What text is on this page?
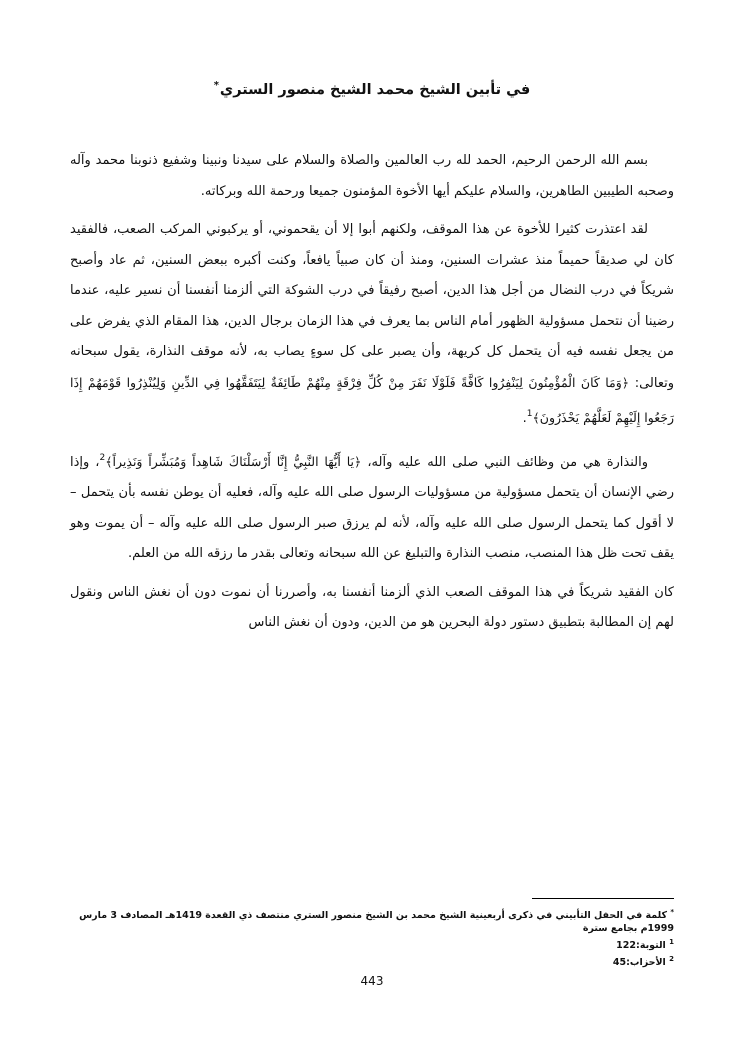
في تأبين الشيخ محمد الشيخ منصور الستري*

بسم الله الرحمن الرحيم، الحمد لله رب العالمين والصلاة والسلام على سيدنا ونبينا وشفيع ذنوبنا محمد وآله وصحبه الطيبين الطاهرين، والسلام عليكم أيها الأخوة المؤمنون جميعا ورحمة الله وبركاته.

لقد اعتذرت كثيرا للأخوة عن هذا الموقف، ولكنهم أبوا إلا أن يقحموني، أو يركبوني المركب الصعب، فالفقيد كان لي صديقاً حميماً منذ عشرات السنين، ومنذ أن كان صبياً يافعاً، وكنت أكبره ببعض السنين، ثم عاد وأصبح شريكاً في درب النضال من أجل هذا الدين، أصبح رفيقاً في درب الشوكة التي ألزمنا أنفسنا أن نسير عليه، عندما رضينا أن نتحمل مسؤولية الظهور أمام الناس بما يعرف في هذا الزمان برجال الدين، هذا المقام الذي يفرض على من يجعل نفسه فيه أن يتحمل كل كريهة، وأن يصبر على كل سوءٍ يصاب به، لأنه موقف النذارة، يقول سبحانه وتعالى: ﴿وَمَا كَانَ الْمُؤْمِنُونَ لِيَنْفِرُوا كَافَّةً فَلَوْلَا نَفَرَ مِنْ كُلِّ فِرْقَةٍ مِنْهُمْ طَائِفَةٌ لِيَتَفَقَّهُوا فِي الدِّينِ وَلِيُنْذِرُوا قَوْمَهُمْ إِذَا رَجَعُوا إِلَيْهِمْ لَعَلَّهُمْ يَحْذَرُونَ﴾$^1$.

والنذارة هي من وظائف النبي صلى الله عليه وآله، ﴿يَا أَيُّهَا النَّبِيُّ إِنَّا أَرْسَلْنَاكَ شَاهِداً وَمُبَشِّراً وَنَذِيراً﴾$^2$، وإذا رضي الإنسان أن يتحمل مسؤولية من مسؤوليات الرسول صلى الله عليه وآله، فعليه أن يوطن نفسه بأن يتحمل – لا أقول كما يتحمل الرسول صلى الله عليه وآله، لأنه لم يرزق صبر الرسول صلى الله عليه وآله – أن يموت وهو يقف تحت ظل هذا المنصب، منصب النذارة والتبليغ عن الله سبحانه وتعالى بقدر ما رزقه الله من العلم.

كان الفقيد شريكاً في هذا الموقف الصعب الذي ألزمنا أنفسنا به، وأصررنا أن نموت دون أن نغش الناس ونقول لهم إن المطالبة بتطبيق دستور دولة البحرين هو من الدين، ودون أن نغش الناس

* كلمة في الحفل التأبيني في ذكرى أربعينية الشيخ محمد بن الشيخ منصور الستري منتصف ذي القعدة 1419هـ المصادف 3 مارس 1999م بجامع سترة
$^1$ التوبة:122
$^2$ الأحزاب:45
443
